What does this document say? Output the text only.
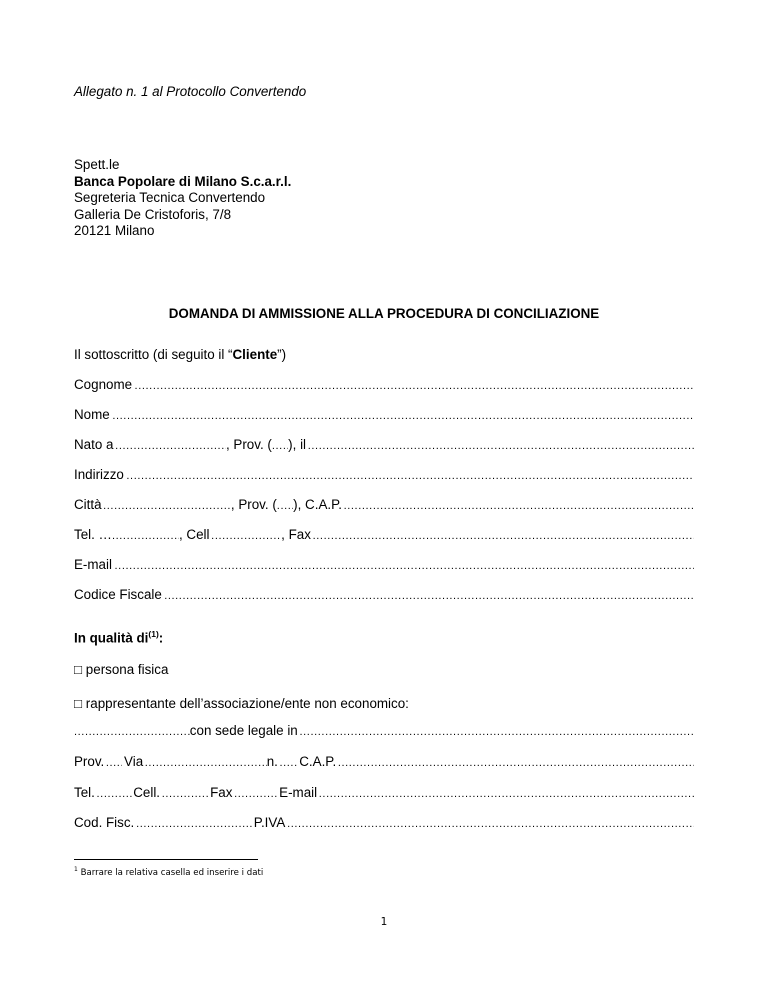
Allegato n. 1 al Protocollo Convertendo
Spett.le
Banca Popolare di Milano S.c.a.r.l.
Segreteria Tecnica Convertendo
Galleria De Cristoforis, 7/8
20121 Milano
DOMANDA DI AMMISSIONE ALLA PROCEDURA DI CONCILIAZIONE
Il sottoscritto (di seguito il “Cliente”)
Cognome
.....
Nome
.....
Nato a .....	, Prov. ( ..... ), il
.....
Indirizzo
.....
Città .....	, Prov. ( ..... ), C.A.P.
.....
Tel. … .....	, Cell .....	, Fax
.....
E-mail
.....
Codice Fiscale
.....
In qualità $di^{(1)}$:
□ persona fisica
□ rappresentante dell’associazione/ente non economico:
.....
con sede legale in
.....
Prov. ..... Via .....	n. ..... C.A.P.
.....
Tel. .....	Cell. .....	Fax .....	E-mail
.....
Cod. Fisc. .....	P.IVA
.....
$^1$ Barrare la relativa casella ed inserire i dati
1
